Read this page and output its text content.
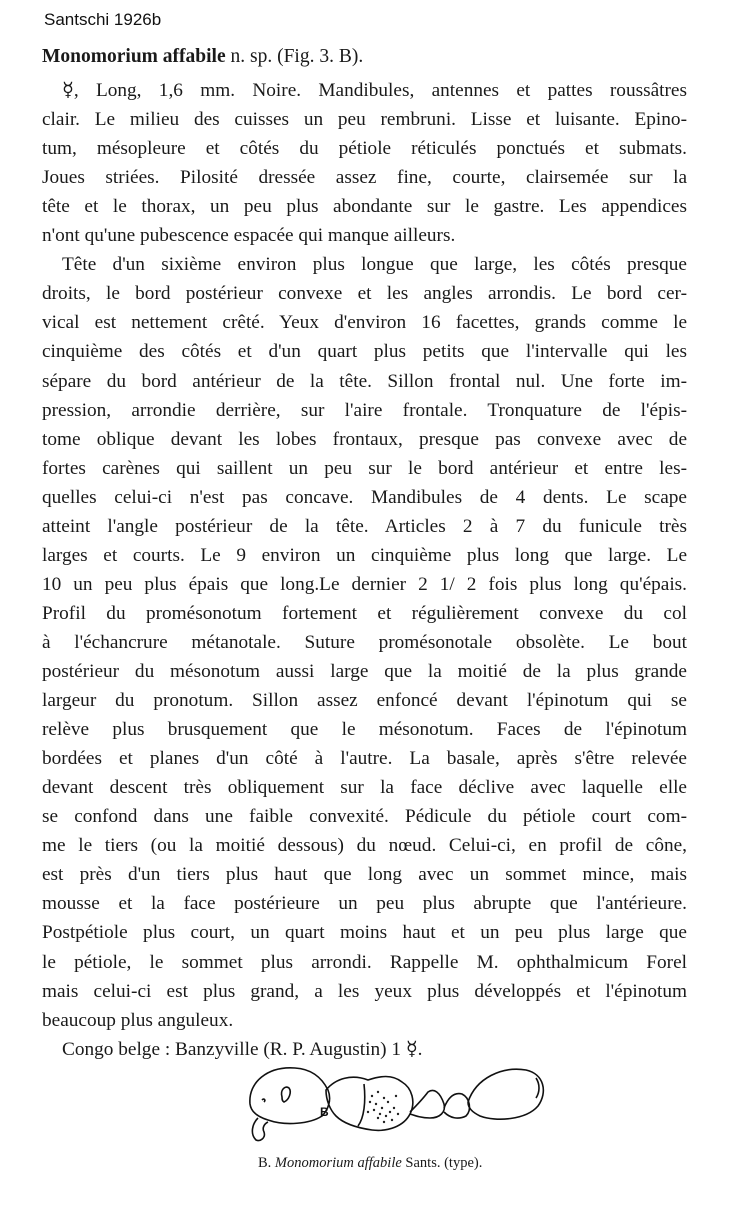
Santschi 1926b
Monomorium affabile n. sp. (Fig. 3. B).
☿, Long, 1,6 mm. Noire. Mandibules, antennes et pattes roussâtres
clair. Le milieu des cuisses un peu rembruni. Lisse et luisante. Epino-
tum, mésopleure et côtés du pétiole réticulés ponctués et submats.
Joues striées. Pilosité dressée assez fine, courte, clairsemée sur la
tête et le thorax, un peu plus abondante sur le gastre. Les appendices
n'ont qu'une pubescence espacée qui manque ailleurs.
Tête d'un sixième environ plus longue que large, les côtés presque
droits, le bord postérieur convexe et les angles arrondis. Le bord cer-
vical est nettement crêté. Yeux d'environ 16 facettes, grands comme le
cinquième des côtés et d'un quart plus petits que l'intervalle qui les
sépare du bord antérieur de la tête. Sillon frontal nul. Une forte im-
pression, arrondie derrière, sur l'aire frontale. Tronquature de l'épis-
tome oblique devant les lobes frontaux, presque pas convexe avec de
fortes carènes qui saillent un peu sur le bord antérieur et entre les-
quelles celui-ci n'est pas concave. Mandibules de 4 dents. Le scape
atteint l'angle postérieur de la tête. Articles 2 à 7 du funicule très
larges et courts. Le 9 environ un cinquième plus long que large. Le
10 un peu plus épais que long.Le dernier 2 1/ 2 fois plus long qu'épais.
Profil du promésonotum fortement et régulièrement convexe du col
à l'échancrure métanotale. Suture promésonotale obsolète. Le bout
postérieur du mésonotum aussi large que la moitié de la plus grande
largeur du pronotum. Sillon assez enfoncé devant l'épinotum qui se
relève plus brusquement que le mésonotum. Faces de l'épinotum
bordées et planes d'un côté à l'autre. La basale, après s'être relevée
devant descent très obliquement sur la face déclive avec laquelle elle
se confond dans une faible convexité. Pédicule du pétiole court com-
me le tiers (ou la moitié dessous) du nœud. Celui-ci, en profil de cône,
est près d'un tiers plus haut que long avec un sommet mince, mais
mousse et la face postérieure un peu plus abrupte que l'antérieure.
Postpétiole plus court, un quart moins haut et un peu plus large que
le pétiole, le sommet plus arrondi. Rappelle M. ophthalmicum Forel
mais celui-ci est plus grand, a les yeux plus développés et l'épinotum
beaucoup plus anguleux.
Congo belge : Banzyville (R. P. Augustin) 1 ☿.
B
B. Monomorium affabile Sants. (type).
